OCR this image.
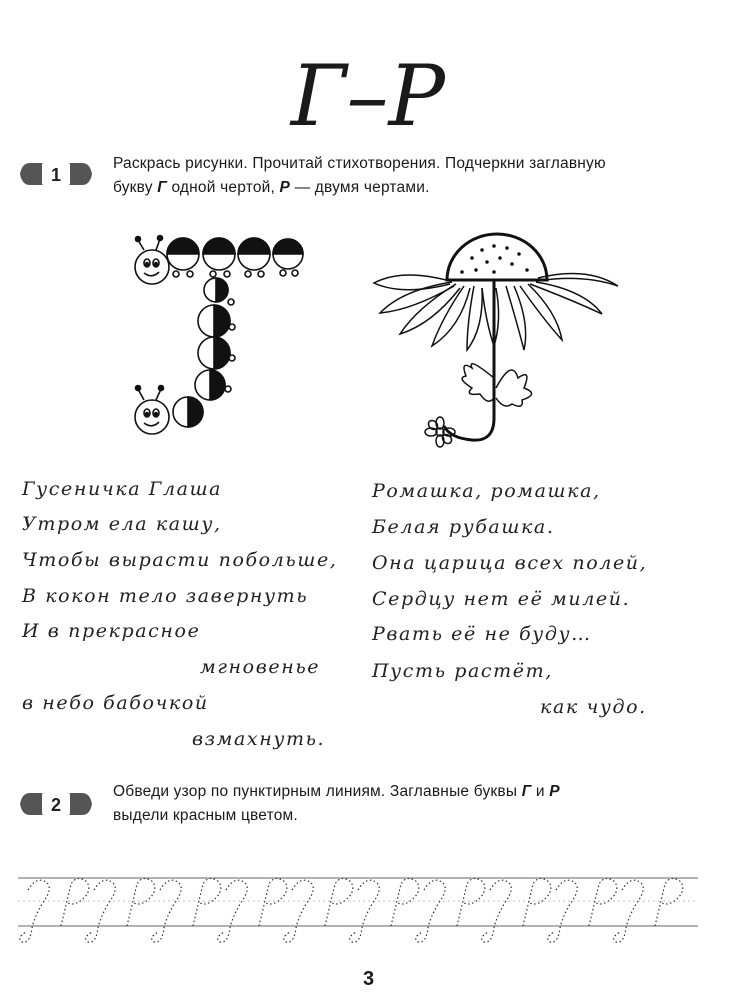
Г–Р
1
Раскрась рисунки. Прочитай стихотворения. Подчеркни заглавную
букву Г одной чертой, Р — двумя чертами.
Гусеничка Глаша
Утром ела кашу,
Чтобы вырасти побольше,
В кокон тело завернуть
И в прекрасное
мгновенье
в небо бабочкой
взмахнуть.
Ромашка, ромашка,
Белая рубашка.
Она царица всех полей,
Сердцу нет её милей.
Рвать её не буду…
Пусть растёт,
как чудо.
2
Обведи узор по пунктирным линиям. Заглавные буквы Г и Р
выдели красным цветом.
3
